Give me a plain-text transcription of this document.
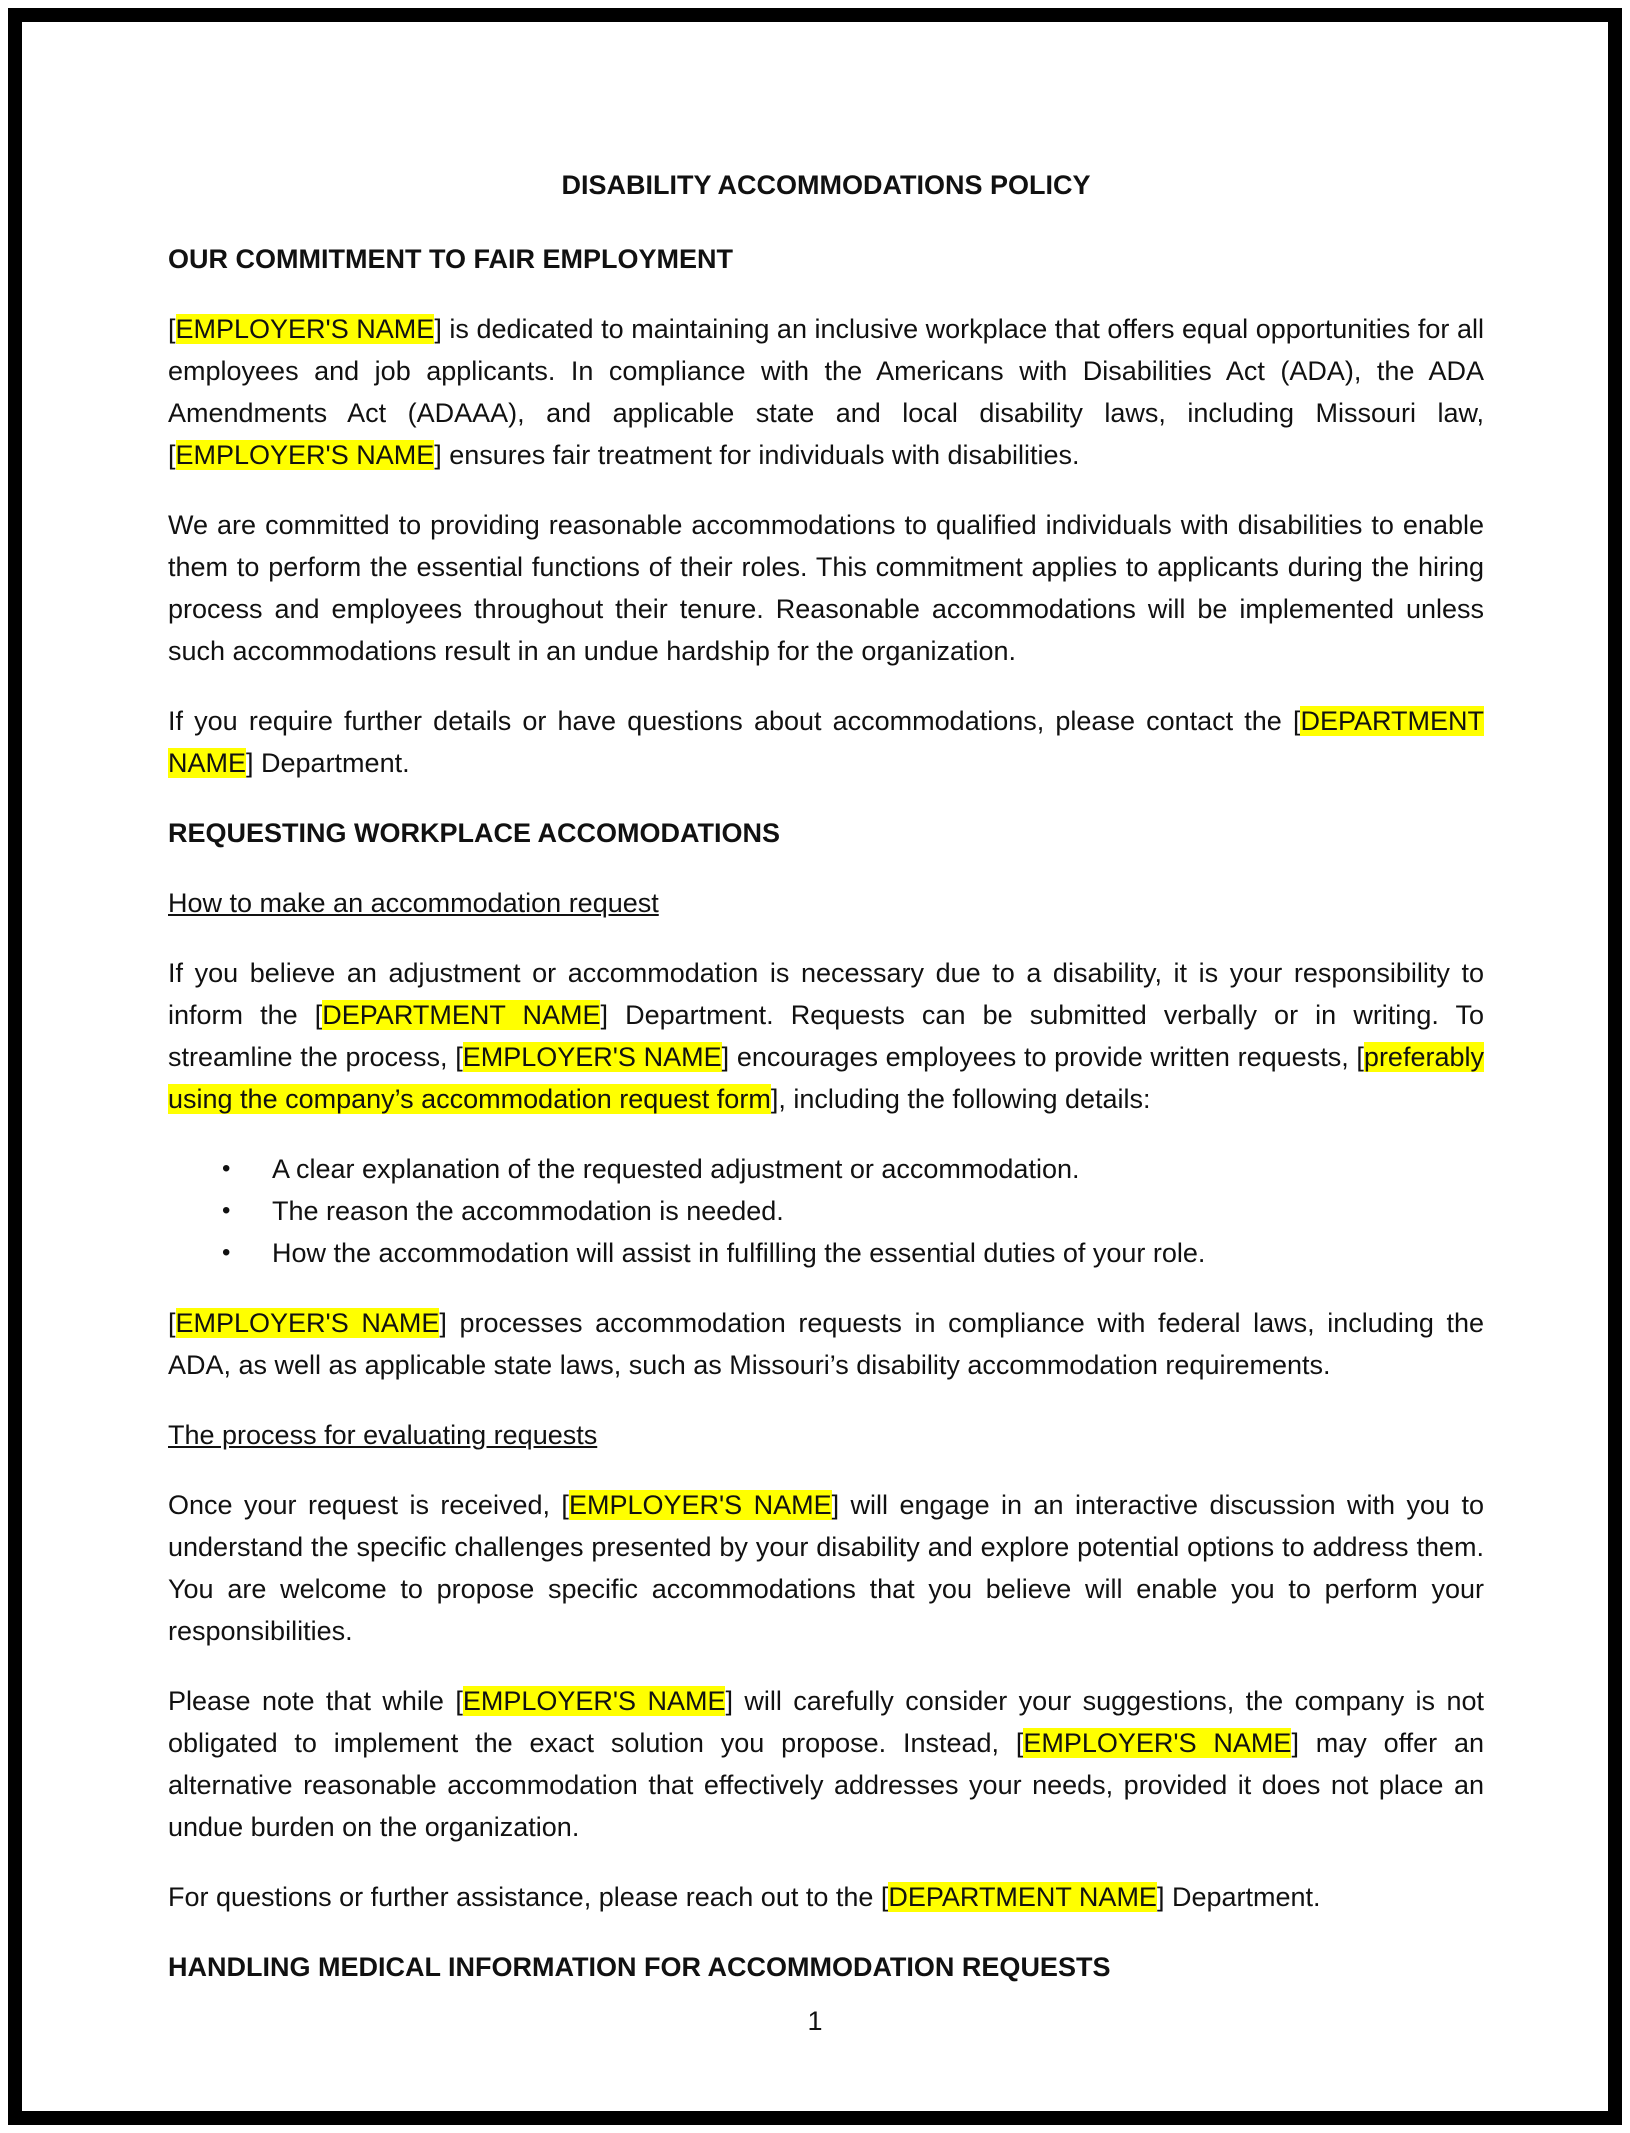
DISABILITY ACCOMMODATIONS POLICY

OUR COMMITMENT TO FAIR EMPLOYMENT

[EMPLOYER'S NAME] is dedicated to maintaining an inclusive workplace that offers equal opportunities for all employees and job applicants. In compliance with the Americans with Disabilities Act (ADA), the ADA Amendments Act (ADAAA), and applicable state and local disability laws, including Missouri law, [EMPLOYER'S NAME] ensures fair treatment for individuals with disabilities.

We are committed to providing reasonable accommodations to qualified individuals with disabilities to enable them to perform the essential functions of their roles. This commitment applies to applicants during the hiring process and employees throughout their tenure. Reasonable accommodations will be implemented unless such accommodations result in an undue hardship for the organization.

If you require further details or have questions about accommodations, please contact the [DEPARTMENT NAME] Department.

REQUESTING WORKPLACE ACCOMODATIONS

How to make an accommodation request

If you believe an adjustment or accommodation is necessary due to a disability, it is your responsibility to inform the [DEPARTMENT NAME] Department. Requests can be submitted verbally or in writing. To streamline the process, [EMPLOYER'S NAME] encourages employees to provide written requests, [preferably using the company’s accommodation request form], including the following details:

• A clear explanation of the requested adjustment or accommodation.
• The reason the accommodation is needed.
• How the accommodation will assist in fulfilling the essential duties of your role.

[EMPLOYER'S NAME] processes accommodation requests in compliance with federal laws, including the ADA, as well as applicable state laws, such as Missouri’s disability accommodation requirements.

The process for evaluating requests

Once your request is received, [EMPLOYER'S NAME] will engage in an interactive discussion with you to understand the specific challenges presented by your disability and explore potential options to address them. You are welcome to propose specific accommodations that you believe will enable you to perform your responsibilities.

Please note that while [EMPLOYER'S NAME] will carefully consider your suggestions, the company is not obligated to implement the exact solution you propose. Instead, [EMPLOYER'S NAME] may offer an alternative reasonable accommodation that effectively addresses your needs, provided it does not place an undue burden on the organization.

For questions or further assistance, please reach out to the [DEPARTMENT NAME] Department.

HANDLING MEDICAL INFORMATION FOR ACCOMMODATION REQUESTS

1
